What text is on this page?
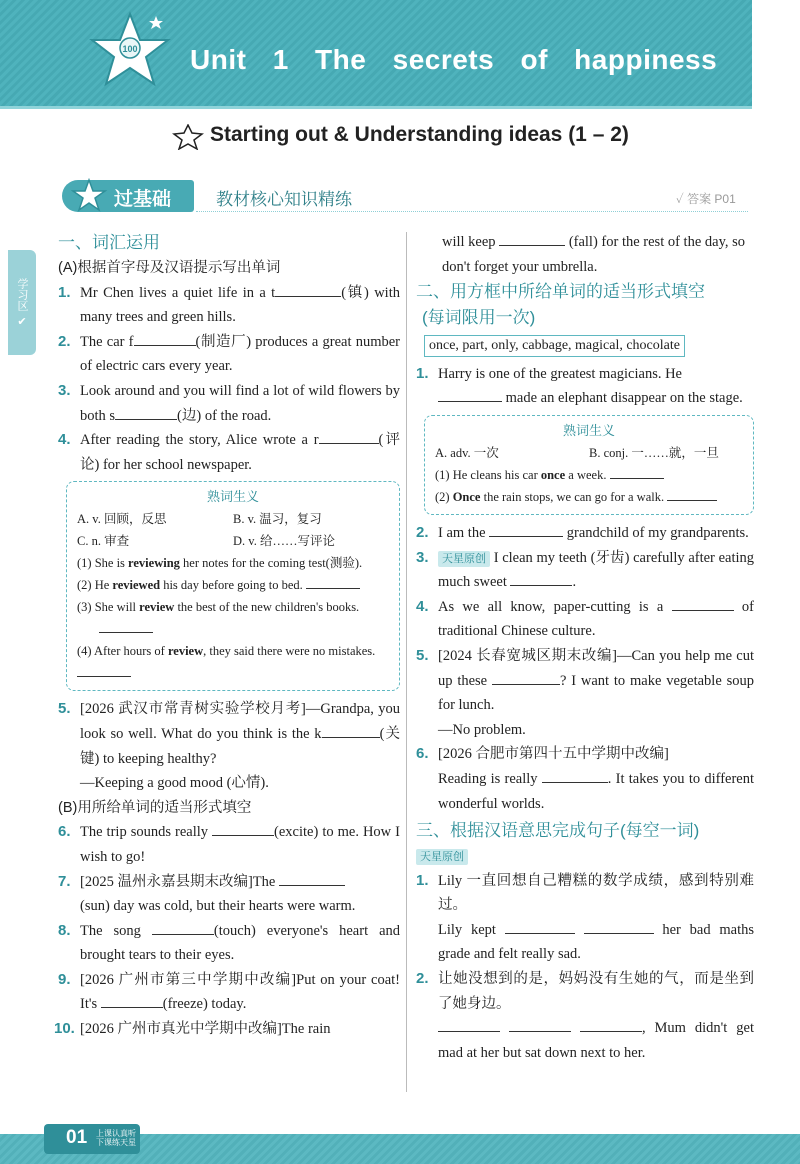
100 Unit 1 The secrets of happiness
Starting out & Understanding ideas (1 – 2)
过基础	教材核心知识精练	✓ 答案 P01
学习区
✔
一、词汇运用
(A)根据首字母及汉语提示写出单词
1. Mr Chen lives a quiet life in a t	(镇) with many trees and green hills.
2. The car f	(制造厂) produces a great number of electric cars every year.
3. Look around and you will find a lot of wild flowers by both s	(边) of the road.
4. After reading the story, Alice wrote a r	(评论) for her school newspaper.
熟词生义
A. v. 回顾，反思	B. v. 温习，复习
C. n. 审查	D. v. 给……写评论
(1) She is reviewing her notes for the coming test(测验).
(2) He reviewed his day before going to bed.
(3) She will review the best of the new children's books.

(4) After hours of review, they said there were no mistakes.
5. [2026 武汉市常青树实验学校月考]—Grandpa, you look so well. What do you think is the k	(关键) to keeping healthy?
—Keeping a good mood (心情).
(B)用所给单词的适当形式填空
6. The trip sounds really	(excite) to me. How I wish to go!
7. [2025 温州永嘉县期末改编]The
(sun) day was cold, but their hearts were warm.
8. The song	(touch) everyone's heart and brought tears to their eyes.
9. [2026 广州市第三中学期中改编]Put on your coat! It's	(freeze) today.
10. [2026 广州市真光中学期中改编]The rain
will keep	(fall) for the rest of the day, so don't forget your umbrella.
二、用方框中所给单词的适当形式填空
(每词限用一次)
once, part, only, cabbage, magical, chocolate
1. Harry is one of the greatest magicians. He
made an elephant disappear on the stage.
熟词生义
A. adv. 一次	B. conj. 一……就，一旦
(1) He cleans his car once a week.
(2) Once the rain stops, we can go for a walk.
2. I am the	grandchild of my grandparents.
3. 天星原创 I clean my teeth (牙齿) carefully after eating much sweet	.
4. As we all know, paper-cutting is a	of traditional Chinese culture.
5. [2024 长春宽城区期末改编]—Can you help me cut up these	? I want to make vegetable soup for lunch.
—No problem.
6. [2026 合肥市第四十五中学期中改编]
Reading is really	. It takes you to different wonderful worlds.
三、根据汉语意思完成句子(每空一词)
天星原创
1. Lily 一直回想自己糟糕的数学成绩，感到特别难过。
Lily kept	her bad maths grade and felt really sad.
2. 让她没想到的是，妈妈没有生她的气，而是坐到了她身边。
, Mum didn't get mad at her but sat down next to her.
01 上课认真听 下课练天星
